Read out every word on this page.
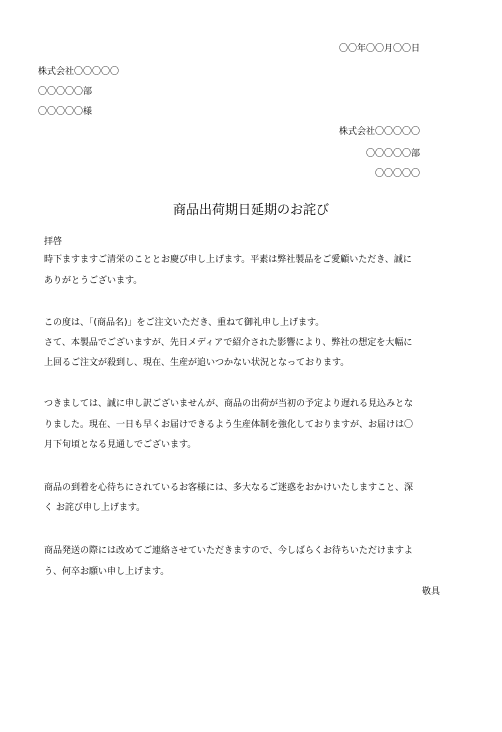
〇〇年〇〇月〇〇日
株式会社〇〇〇〇〇
〇〇〇〇〇部
〇〇〇〇〇様
株式会社〇〇〇〇〇
〇〇〇〇〇部
〇〇〇〇〇
商品出荷期日延期のお詫び
拝啓
時下ますますご清栄のこととお慶び申し上げます。平素は弊社製品をご愛顧いただき、誠に
ありがとうございます。
この度は、「(商品名)」をご注文いただき、重ねて御礼申し上げます。
さて、本製品でございますが、先日メディアで紹介された影響により、弊社の想定を大幅に
上回るご注文が殺到し、現在、生産が追いつかない状況となっております。
つきましては、誠に申し訳ございませんが、商品の出荷が当初の予定より遅れる見込みとな
りました。現在、一日も早くお届けできるよう生産体制を強化しておりますが、お届けは〇
月下旬頃となる見通しでございます。
商品の到着を心待ちにされているお客様には、多大なるご迷惑をおかけいたしますこと、深
く お詫び申し上げます。
商品発送の際には改めてご連絡させていただきますので、今しばらくお待ちいただけますよ
う、何卒お願い申し上げます。
敬具
